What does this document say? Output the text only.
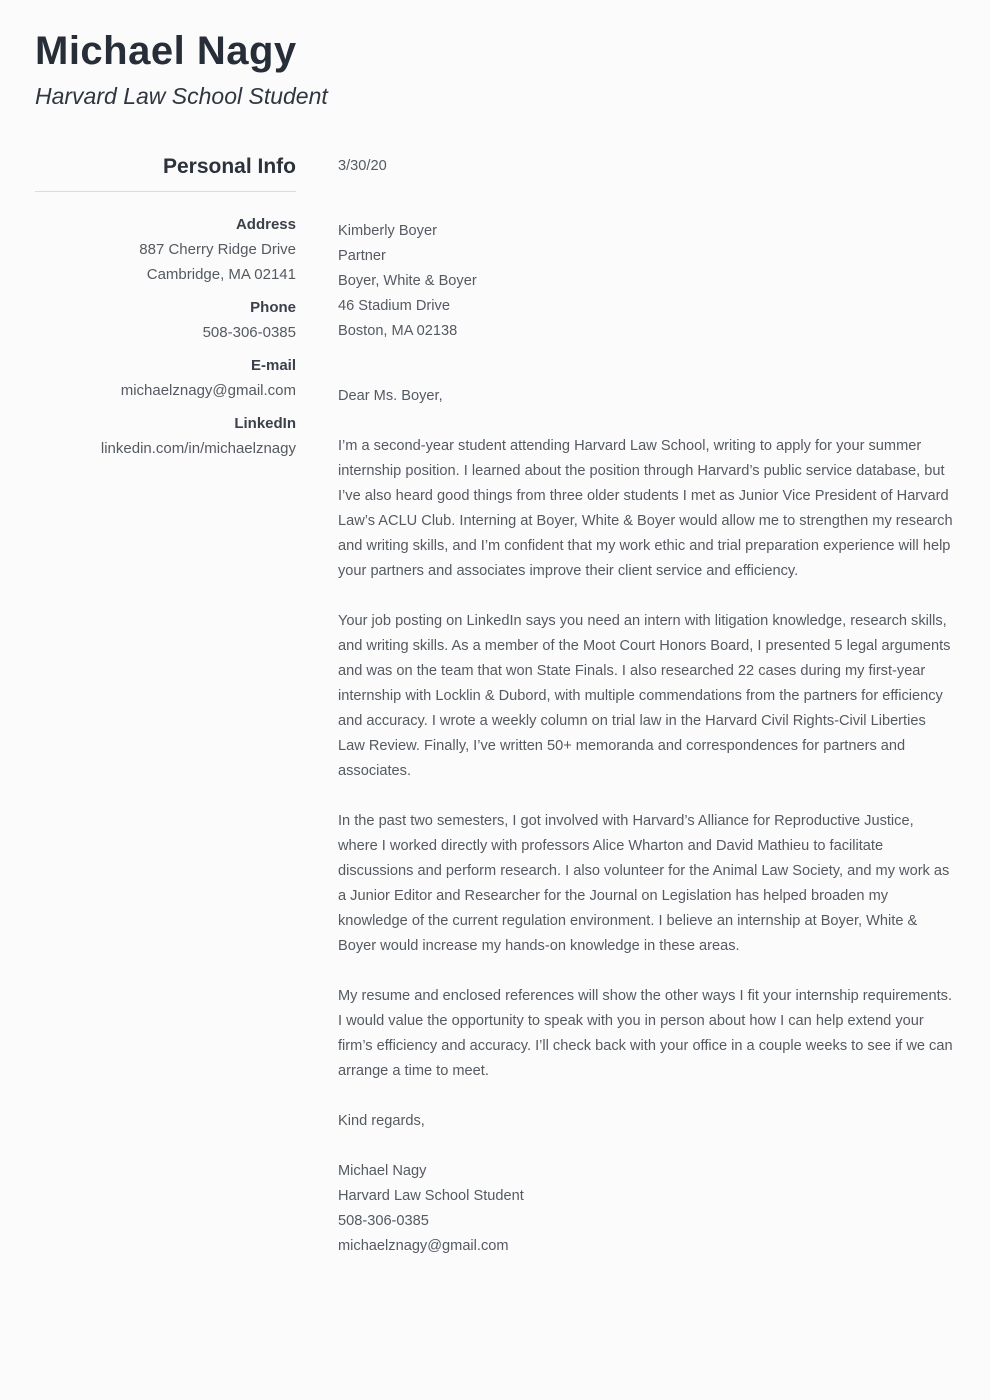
Michael Nagy
Harvard Law School Student
Personal Info
Address
887 Cherry Ridge Drive
Cambridge, MA 02141
Phone
508-306-0385
E-mail
michaelznagy@gmail.com
LinkedIn
linkedin.com/in/michaelznagy
3/30/20
Kimberly Boyer
Partner
Boyer, White & Boyer
46 Stadium Drive
Boston, MA 02138

Dear Ms. Boyer,

I’m a second-year student attending Harvard Law School, writing to apply for your summer internship position. I learned about the position through Harvard’s public service database, but I’ve also heard good things from three older students I met as Junior Vice President of Harvard Law’s ACLU Club. Interning at Boyer, White & Boyer would allow me to strengthen my research and writing skills, and I’m confident that my work ethic and trial preparation experience will help your partners and associates improve their client service and efficiency.

Your job posting on LinkedIn says you need an intern with litigation knowledge, research skills, and writing skills. As a member of the Moot Court Honors Board, I presented 5 legal arguments and was on the team that won State Finals. I also researched 22 cases during my first-year internship with Locklin & Dubord, with multiple commendations from the partners for efficiency and accuracy. I wrote a weekly column on trial law in the Harvard Civil Rights-Civil Liberties Law Review. Finally, I’ve written 50+ memoranda and correspondences for partners and associates.

In the past two semesters, I got involved with Harvard’s Alliance for Reproductive Justice, where I worked directly with professors Alice Wharton and David Mathieu to facilitate discussions and perform research. I also volunteer for the Animal Law Society, and my work as a Junior Editor and Researcher for the Journal on Legislation has helped broaden my knowledge of the current regulation environment. I believe an internship at Boyer, White & Boyer would increase my hands-on knowledge in these areas.

My resume and enclosed references will show the other ways I fit your internship requirements. I would value the opportunity to speak with you in person about how I can help extend your firm’s efficiency and accuracy. I’ll check back with your office in a couple weeks to see if we can arrange a time to meet.

Kind regards,

Michael Nagy
Harvard Law School Student
508-306-0385
michaelznagy@gmail.com
